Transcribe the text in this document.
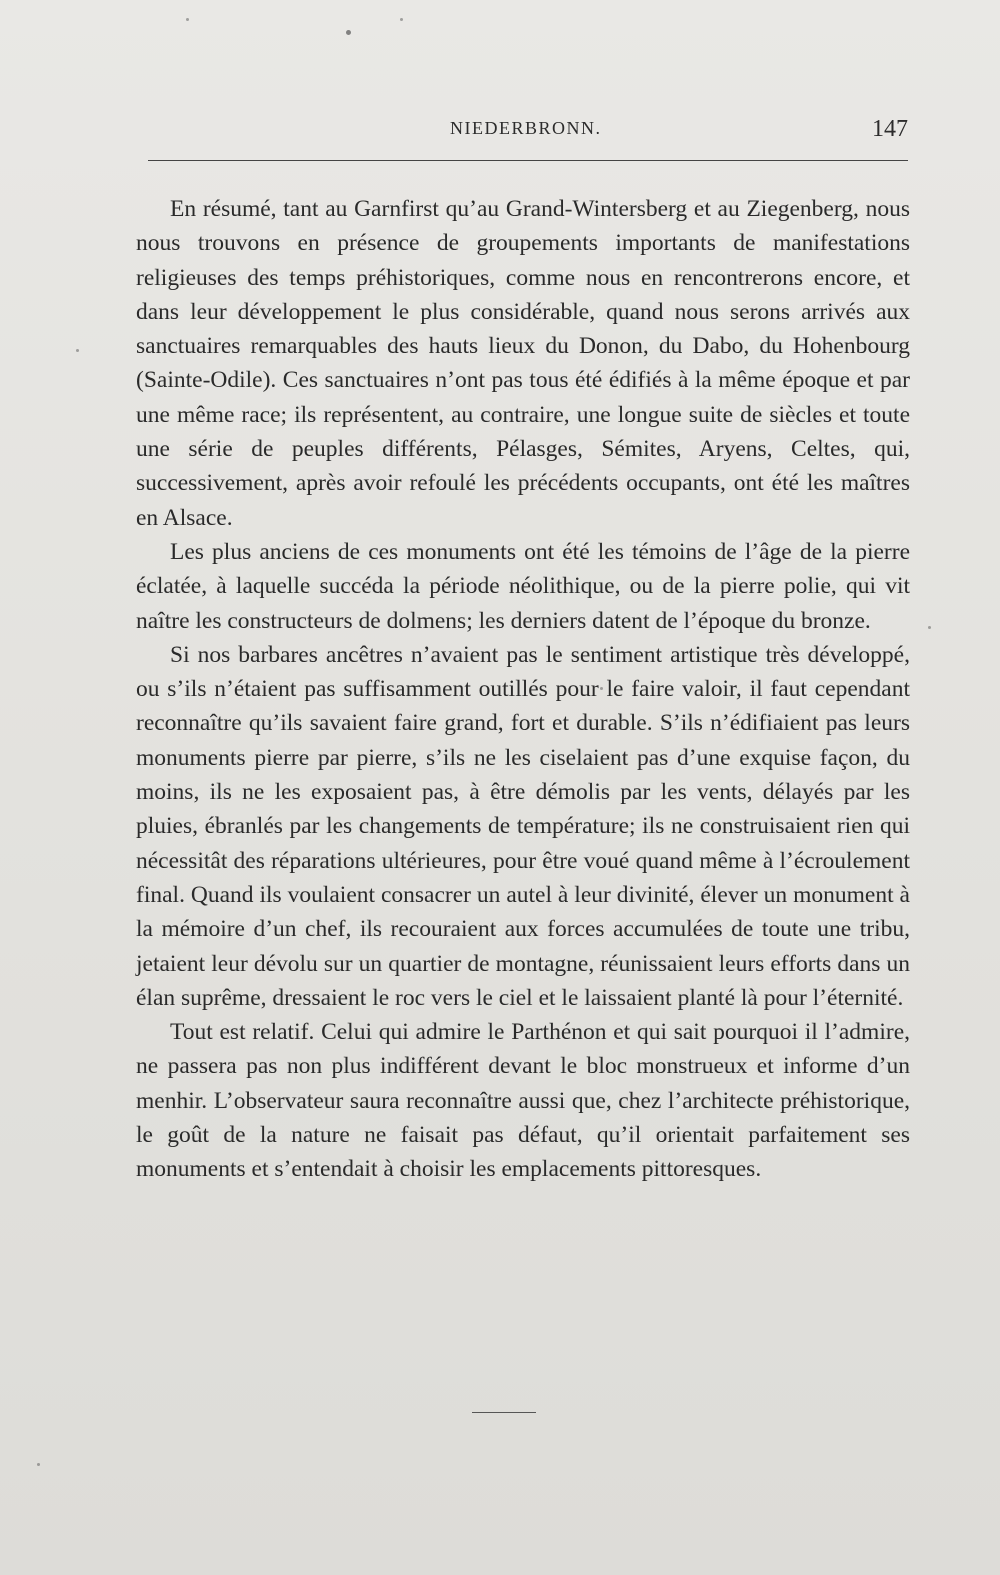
NIEDERBRONN.	147

En résumé, tant au Garnfirst qu’au Grand-Wintersberg et au Ziegenberg, nous nous trouvons en présence de groupements importants de manifestations religieuses des temps préhistoriques, comme nous en rencontrerons encore, et dans leur développement le plus considérable, quand nous serons arrivés aux sanctuaires remarquables des hauts lieux du Donon, du Dabo, du Hohenbourg (Sainte-Odile). Ces sanctuaires n’ont pas tous été édifiés à la même époque et par une même race; ils représentent, au contraire, une longue suite de siècles et toute une série de peuples différents, Pélasges, Sémites, Aryens, Celtes, qui, successivement, après avoir refoulé les précédents occupants, ont été les maîtres en Alsace.

Les plus anciens de ces monuments ont été les témoins de l’âge de la pierre éclatée, à laquelle succéda la période néolithique, ou de la pierre polie, qui vit naître les constructeurs de dolmens; les derniers datent de l’époque du bronze.

Si nos barbares ancêtres n’avaient pas le sentiment artistique très développé, ou s’ils n’étaient pas suffisamment outillés pour le faire valoir, il faut cependant reconnaître qu’ils savaient faire grand, fort et durable. S’ils n’édifiaient pas leurs monuments pierre par pierre, s’ils ne les ciselaient pas d’une exquise façon, du moins, ils ne les exposaient pas, à être démolis par les vents, délayés par les pluies, ébranlés par les changements de température; ils ne construisaient rien qui nécessitât des réparations ultérieures, pour être voué quand même à l’écroulement final. Quand ils voulaient consacrer un autel à leur divinité, élever un monument à la mémoire d’un chef, ils recouraient aux forces accumulées de toute une tribu, jetaient leur dévolu sur un quartier de montagne, réunissaient leurs efforts dans un élan suprême, dressaient le roc vers le ciel et le laissaient planté là pour l’éternité.

Tout est relatif. Celui qui admire le Parthénon et qui sait pourquoi il l’admire, ne passera pas non plus indifférent devant le bloc monstrueux et informe d’un menhir. L’observateur saura reconnaître aussi que, chez l’architecte préhistorique, le goût de la nature ne faisait pas défaut, qu’il orientait parfaitement ses monuments et s’entendait à choisir les emplacements pittoresques.
